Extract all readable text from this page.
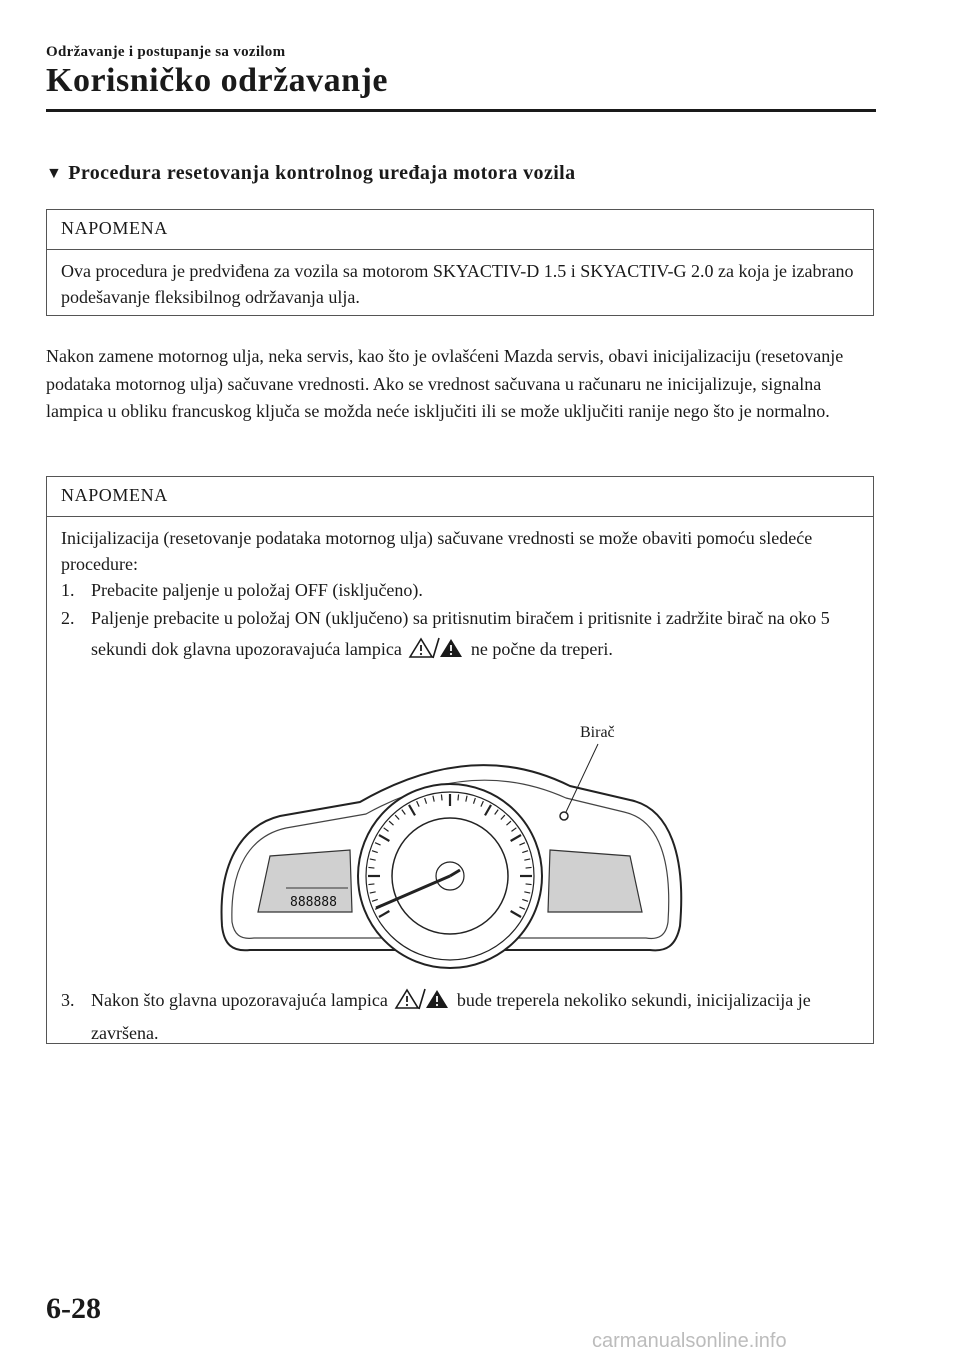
Održavanje i postupanje sa vozilom
Korisničko održavanje
▼ Procedura resetovanja kontrolnog uređaja motora vozila
NAPOMENA
Ova procedura je predviđena za vozila sa motorom SKYACTIV-D 1.5 i SKYACTIV-G 2.0 za koja je izabrano podešavanje fleksibilnog održavanja ulja.
Nakon zamene motornog ulja, neka servis, kao što je ovlašćeni Mazda servis, obavi inicijalizaciju (resetovanje podataka motornog ulja) sačuvane vrednosti. Ako se vrednost sačuvana u računaru ne inicijalizuje, signalna lampica u obliku francuskog ključa se možda neće isključiti ili se može uključiti ranije nego što je normalno.
NAPOMENA
Inicijalizacija (resetovanje podataka motornog ulja) sačuvane vrednosti se može obaviti pomoću sledeće procedure:
1. Prebacite paljenje u položaj OFF (isključeno).
2. Paljenje prebacite u položaj ON (uključeno) sa pritisnutim biračem i pritisnite i zadržite birač na oko 5 sekundi dok glavna upozoravajuća lampica	ne počne da treperi.
888888
Birač
3. Nakon što glavna upozoravajuća lampica	bude treperela nekoliko sekundi, inicijalizacija je završena.
6-28
carmanualsonline.info
